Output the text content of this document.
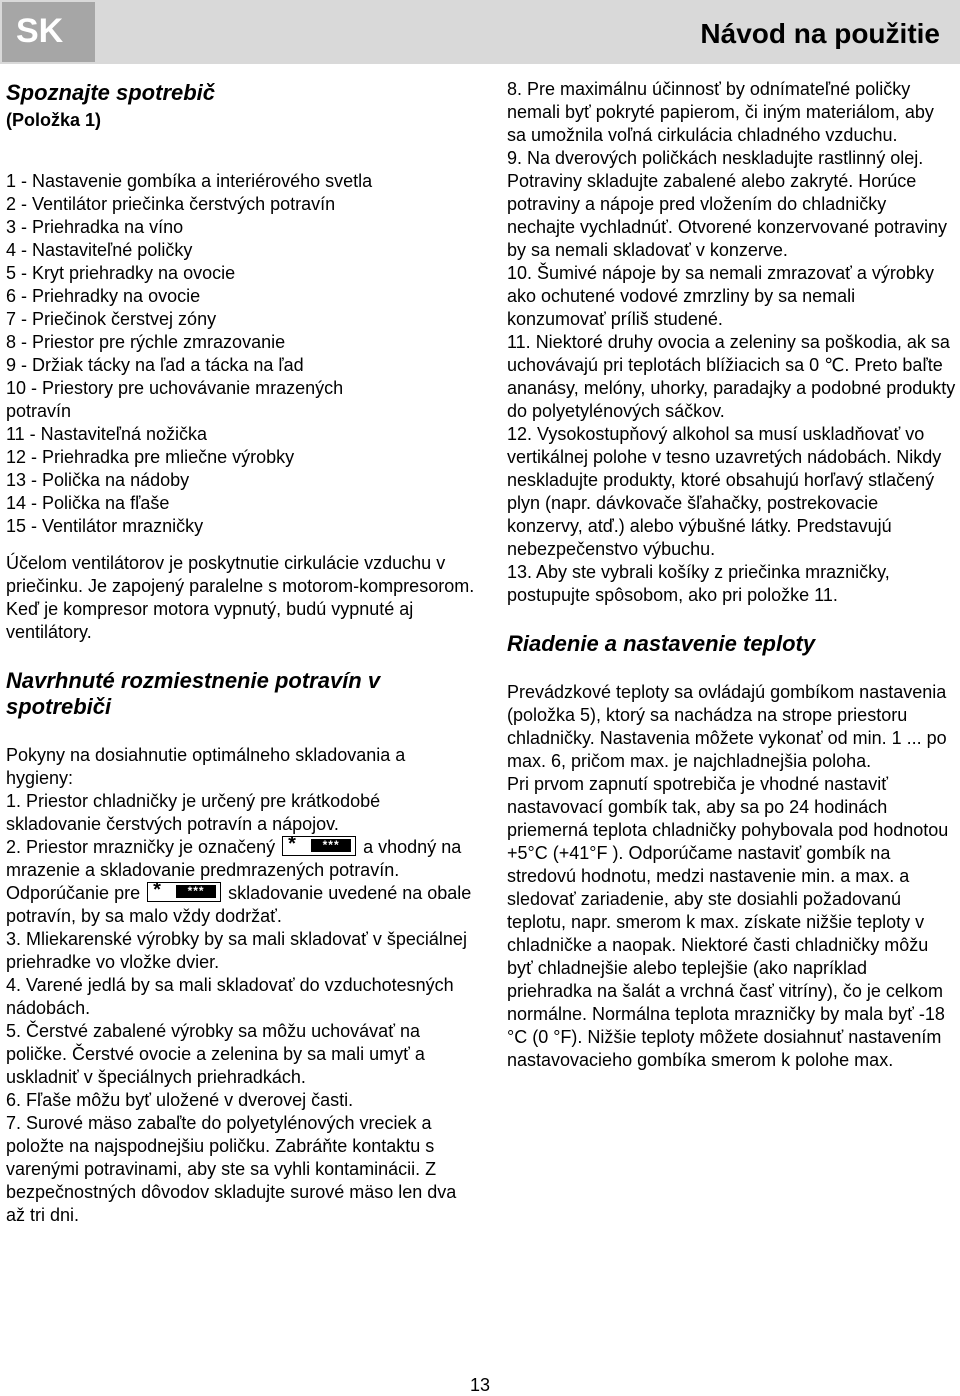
SK	Návod na použitie
Spoznajte spotrebič
(Položka 1)
1 - Nastavenie gombíka a interiérového svetla
2 - Ventilátor priečinka čerstvých potravín
3 - Priehradka na víno
4 - Nastaviteľné poličky
5 - Kryt priehradky na ovocie
6 - Priehradky na ovocie
7 - Priečinok čerstvej zóny
8 - Priestor pre rýchle zmrazovanie
9 - Držiak tácky na ľad a tácka na ľad
10 - Priestory pre uchovávanie mrazených
potravín
11 - Nastaviteľná nožička
12 - Priehradka pre mliečne výrobky
13 - Polička na nádoby
14 - Polička na fľaše
15 - Ventilátor mrazničky

Účelom ventilátorov je poskytnutie cirkulácie vzduchu v priečinku. Je zapojený paralelne s motorom-kompresorom. Keď je kompresor motora vypnutý, budú vypnuté aj ventilátory.

Navrhnuté rozmiestnenie potravín v spotrebiči

Pokyny na dosiahnutie optimálneho skladovania a hygieny:

1. Priestor chladničky je určený pre krátkodobé skladovanie čerstvých potravín a nápojov.

2. Priestor mrazničky je označený *	***	a vhodný na mrazenie a skladovanie predmrazených potravín.
Odporúčanie pre *	***	skladovanie uvedené na obale potravín, by sa malo vždy dodržať.

3. Mliekarenské výrobky by sa mali skladovať v špeciálnej priehradke vo vložke dvier.

4. Varené jedlá by sa mali skladovať do vzduchotesných nádobách.

5. Čerstvé zabalené výrobky sa môžu uchovávať na poličke. Čerstvé ovocie a zelenina by sa mali umyť a uskladniť v špeciálnych priehradkách.

6. Fľaše môžu byť uložené v dverovej časti.

7. Surové mäso zabaľte do polyetylénových vreciek a položte na najspodnejšiu poličku. Zabráňte kontaktu s varenými potravinami, aby ste sa vyhli kontaminácii. Z bezpečnostných dôvodov skladujte surové mäso len dva až tri dni.

8. Pre maximálnu účinnosť by odnímateľné poličky nemali byť pokryté papierom, či iným materiálom, aby sa umožnila voľná cirkulácia chladného vzduchu.

9. Na dverových poličkách neskladujte rastlinný olej. Potraviny skladujte zabalené alebo zakryté. Horúce potraviny a nápoje pred vložením do chladničky nechajte vychladnúť. Otvorené konzervované potraviny by sa nemali skladovať v konzerve.

10. Šumivé nápoje by sa nemali zmrazovať a výrobky ako ochutené vodové zmrzliny by sa nemali konzumovať príliš studené.

11. Niektoré druhy ovocia a zeleniny sa poškodia, ak sa uchovávajú pri teplotách blížiacich sa 0 ℃. Preto baľte ananásy, melóny, uhorky, paradajky a podobné produkty do polyetylénových sáčkov.

12. Vysokostupňový alkohol sa musí uskladňovať vo vertikálnej polohe v tesno uzavretých nádobách. Nikdy neskladujte produkty, ktoré obsahujú horľavý stlačený plyn (napr. dávkovače šľahačky, postrekovacie konzervy, atď.) alebo výbušné látky. Predstavujú nebezpečenstvo výbuchu.

13. Aby ste vybrali košíky z priečinka mrazničky, postupujte spôsobom, ako pri položke 11.

Riadenie a nastavenie teploty

Prevádzkové teploty sa ovládajú gombíkom nastavenia (položka 5), ktorý sa nachádza na strope priestoru chladničky. Nastavenia môžete vykonať od min. 1 ... po max. 6, pričom max. je najchladnejšia poloha.

Pri prvom zapnutí spotrebiča je vhodné nastaviť nastavovací gombík tak, aby sa po 24 hodinách priemerná teplota chladničky pohybovala pod hodnotou +5°C (+41°F ). Odporúčame nastaviť gombík na stredovú hodnotu, medzi nastavenie min. a max. a sledovať zariadenie, aby ste dosiahli požadovanú teplotu, napr. smerom k max. získate nižšie teploty v chladničke a naopak. Niektoré časti chladničky môžu byť chladnejšie alebo teplejšie (ako napríklad priehradka na šalát a vrchná časť vitríny), čo je celkom normálne. Normálna teplota mrazničky by mala byť -18 °C (0 °F). Nižšie teploty môžete dosiahnuť nastavením nastavovacieho gombíka smerom k polohe max.

13
